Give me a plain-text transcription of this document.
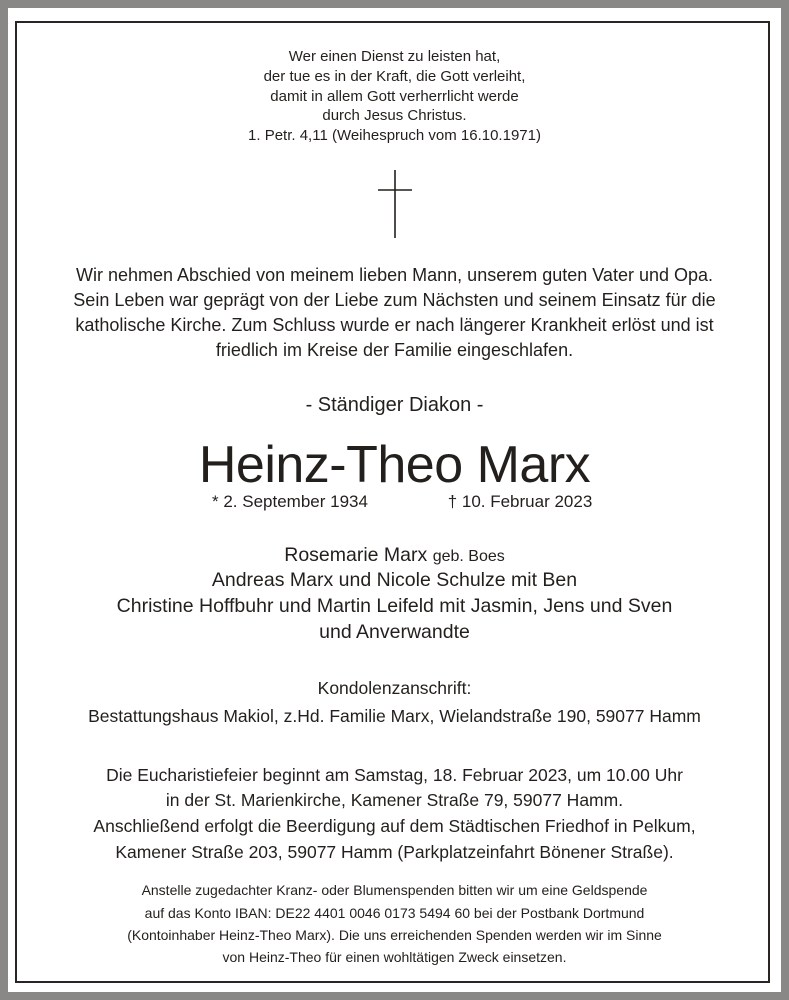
Wer einen Dienst zu leisten hat,
der tue es in der Kraft, die Gott verleiht,
damit in allem Gott verherrlicht werde
durch Jesus Christus.
1. Petr. 4,11 (Weihespruch vom 16.10.1971)
Wir nehmen Abschied von meinem lieben Mann, unserem guten Vater und Opa.
Sein Leben war geprägt von der Liebe zum Nächsten und seinem Einsatz für die
katholische Kirche. Zum Schluss wurde er nach längerer Krankheit erlöst und ist
friedlich im Kreise der Familie eingeschlafen.
- Ständiger Diakon -
Heinz-Theo Marx
* 2. September 1934	† 10. Februar 2023
Rosemarie Marx geb. Boes
Andreas Marx und Nicole Schulze mit Ben
Christine Hoffbuhr und Martin Leifeld mit Jasmin, Jens und Sven
und Anverwandte
Kondolenzanschrift:
Bestattungshaus Makiol, z.Hd. Familie Marx, Wielandstraße 190, 59077 Hamm
Die Eucharistiefeier beginnt am Samstag, 18. Februar 2023, um 10.00 Uhr
in der St. Marienkirche, Kamener Straße 79, 59077 Hamm.
Anschließend erfolgt die Beerdigung auf dem Städtischen Friedhof in Pelkum,
Kamener Straße 203, 59077 Hamm (Parkplatzeinfahrt Bönener Straße).
Anstelle zugedachter Kranz- oder Blumenspenden bitten wir um eine Geldspende
auf das Konto IBAN: DE22 4401 0046 0173 5494 60 bei der Postbank Dortmund
(Kontoinhaber Heinz-Theo Marx). Die uns erreichenden Spenden werden wir im Sinne
von Heinz-Theo für einen wohltätigen Zweck einsetzen.
